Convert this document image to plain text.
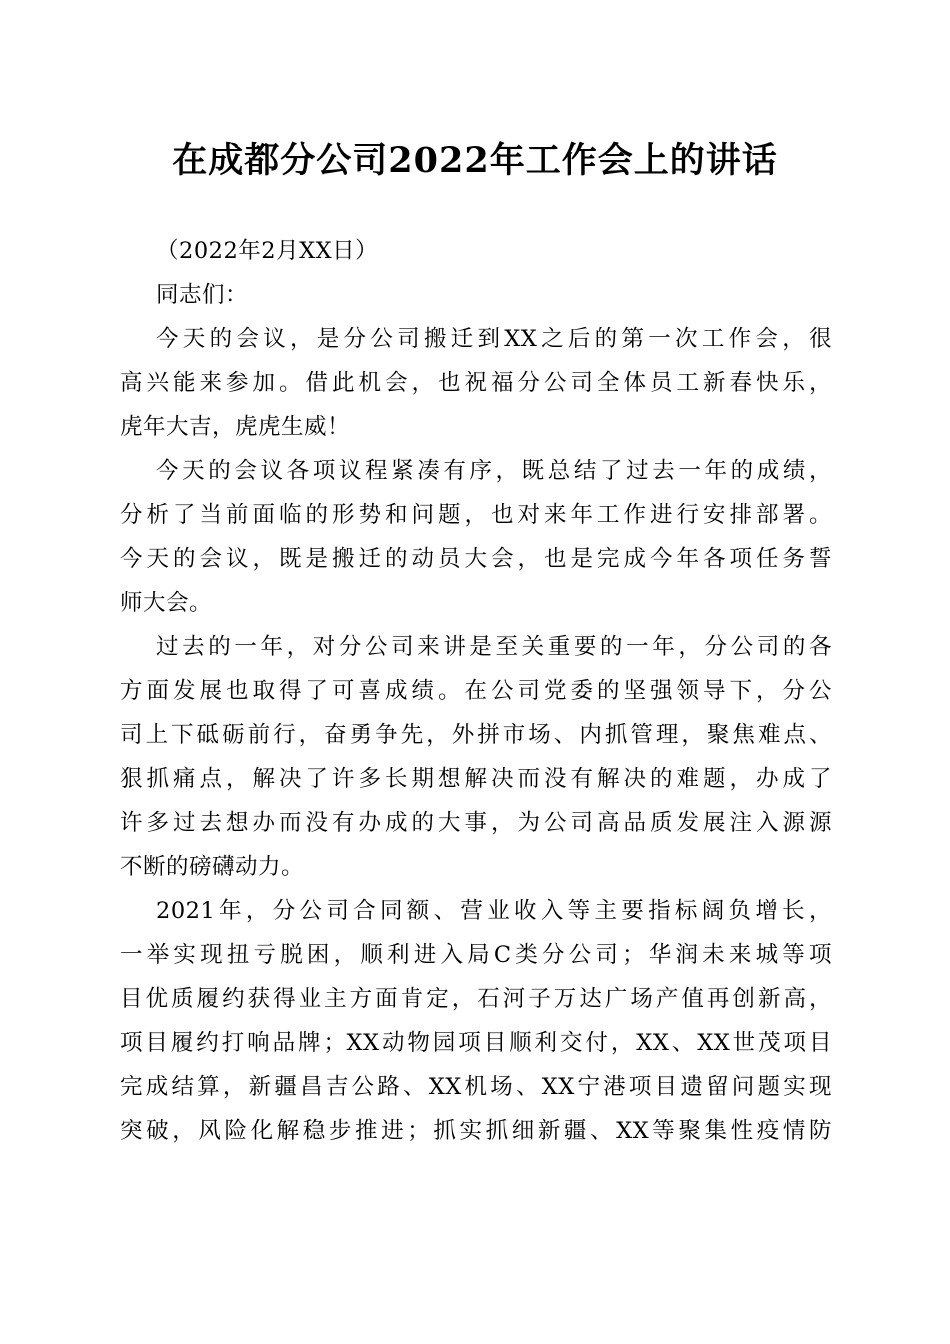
在成都分公司2022年工作会上的讲话
（2022年2月XX日）
同志们：
今天的会议，是分公司搬迁到XX之后的第一次工作会，很
高兴能来参加。借此机会，也祝福分公司全体员工新春快乐，
虎年大吉，虎虎生威！
今天的会议各项议程紧凑有序，既总结了过去一年的成绩，
分析了当前面临的形势和问题，也对来年工作进行安排部署。
今天的会议，既是搬迁的动员大会，也是完成今年各项任务誓
师大会。
过去的一年，对分公司来讲是至关重要的一年，分公司的各
方面发展也取得了可喜成绩。在公司党委的坚强领导下，分公
司上下砥砺前行，奋勇争先，外拼市场、内抓管理，聚焦难点、
狠抓痛点，解决了许多长期想解决而没有解决的难题，办成了
许多过去想办而没有办成的大事，为公司高品质发展注入源源
不断的磅礴动力。
2021年，分公司合同额、营业收入等主要指标阔负增长，
一举实现扭亏脱困，顺利进入局C类分公司；华润未来城等项
目优质履约获得业主方面肯定，石河子万达广场产值再创新高，
项目履约打响品牌；XX动物园项目顺利交付，XX、XX世茂项目
完成结算，新疆昌吉公路、XX机场、XX宁港项目遗留问题实现
突破，风险化解稳步推进；抓实抓细新疆、XX等聚集性疫情防
